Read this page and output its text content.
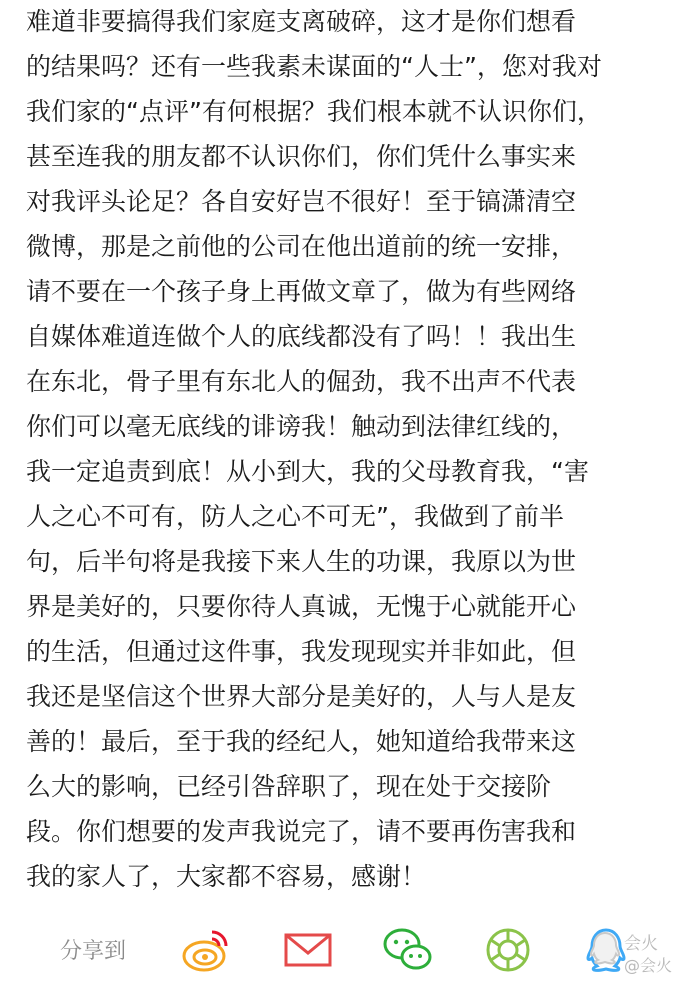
难道非要搞得我们家庭支离破碎，这才是你们想看
的结果吗？还有一些我素未谋面的“人士”，您对我对
我们家的“点评”有何根据？我们根本就不认识你们，
甚至连我的朋友都不认识你们，你们凭什么事实来
对我评头论足？各自安好岂不很好！至于镐潇清空
微博，那是之前他的公司在他出道前的统一安排，
请不要在一个孩子身上再做文章了，做为有些网络
自媒体难道连做个人的底线都没有了吗！！我出生
在东北，骨子里有东北人的倔劲，我不出声不代表
你们可以毫无底线的诽谤我！触动到法律红线的，
我一定追责到底！从小到大，我的父母教育我，“害
人之心不可有，防人之心不可无”，我做到了前半
句，后半句将是我接下来人生的功课，我原以为世
界是美好的，只要你待人真诚，无愧于心就能开心
的生活，但通过这件事，我发现现实并非如此，但
我还是坚信这个世界大部分是美好的，人与人是友
善的！最后，至于我的经纪人，她知道给我带来这
么大的影响，已经引咎辞职了，现在处于交接阶
段。你们想要的发声我说完了，请不要再伤害我和
我的家人了，大家都不容易，感谢！
分享到	会火
@会火
